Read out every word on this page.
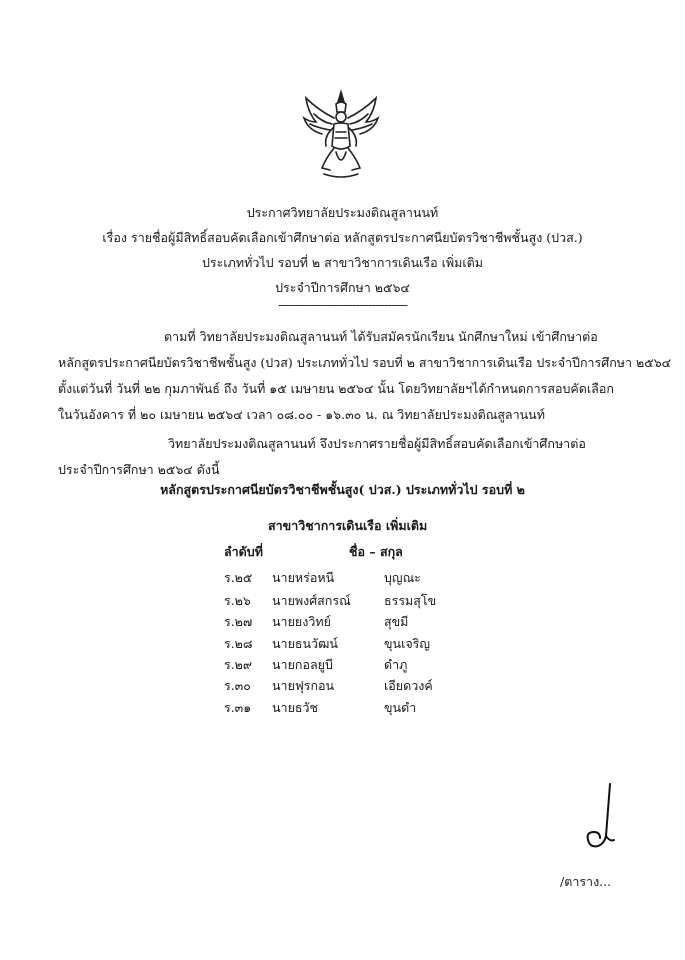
ประกาศวิทยาลัยประมงติณสูลานนท์
เรื่อง รายชื่อผู้มีสิทธิ์สอบคัดเลือกเข้าศึกษาต่อ หลักสูตรประกาศนียบัตรวิชาชีพชั้นสูง (ปวส.)
ประเภททั่วไป รอบที่ ๒ สาขาวิชาการเดินเรือ เพิ่มเติม
ประจำปีการศึกษา ๒๕๖๔
----------------------------------------
ตามที่ วิทยาลัยประมงติณสูลานนท์ ได้รับสมัครนักเรียน นักศึกษาใหม่ เข้าศึกษาต่อ
หลักสูตรประกาศนียบัตรวิชาชีพชั้นสูง (ปวส) ประเภททั่วไป รอบที่ ๒ สาขาวิชาการเดินเรือ ประจำปีการศึกษา ๒๕๖๔
ตั้งแต่วันที่ วันที่ ๒๒ กุมภาพันธ์ ถึง วันที่ ๑๕ เมษายน ๒๕๖๔ นั้น โดยวิทยาลัยฯได้กำหนดการสอบคัดเลือก
ในวันอังคาร ที่ ๒๐ เมษายน ๒๕๖๔ เวลา ๐๘.๐๐ - ๑๖.๓๐ น. ณ วิทยาลัยประมงติณสูลานนท์
วิทยาลัยประมงติณสูลานนท์ จึงประกาศรายชื่อผู้มีสิทธิ์สอบคัดเลือกเข้าศึกษาต่อ
ประจำปีการศึกษา ๒๕๖๔ ดังนี้
หลักสูตรประกาศนียบัตรวิชาชีพชั้นสูง( ปวส.) ประเภททั่วไป รอบที่ ๒
สาขาวิชาการเดินเรือ เพิ่มเติม
ลำดับที่	ชื่อ – สกุล
ร.๒๕	นายหร่อหนี	บุญณะ
ร.๒๖	นายพงศ์สกรณ์	ธรรมสุโข
ร.๒๗	นายยงวิทย์	สุขมี
ร.๒๘	นายธนวัฒน์	ขุนเจริญ
ร.๒๙	นายกอลยูบี	ดำภู
ร.๓๐	นายฟุรกอน	เอียดวงค์
ร.๓๑	นายธวัช	ขุนดำ
/ตาราง...
